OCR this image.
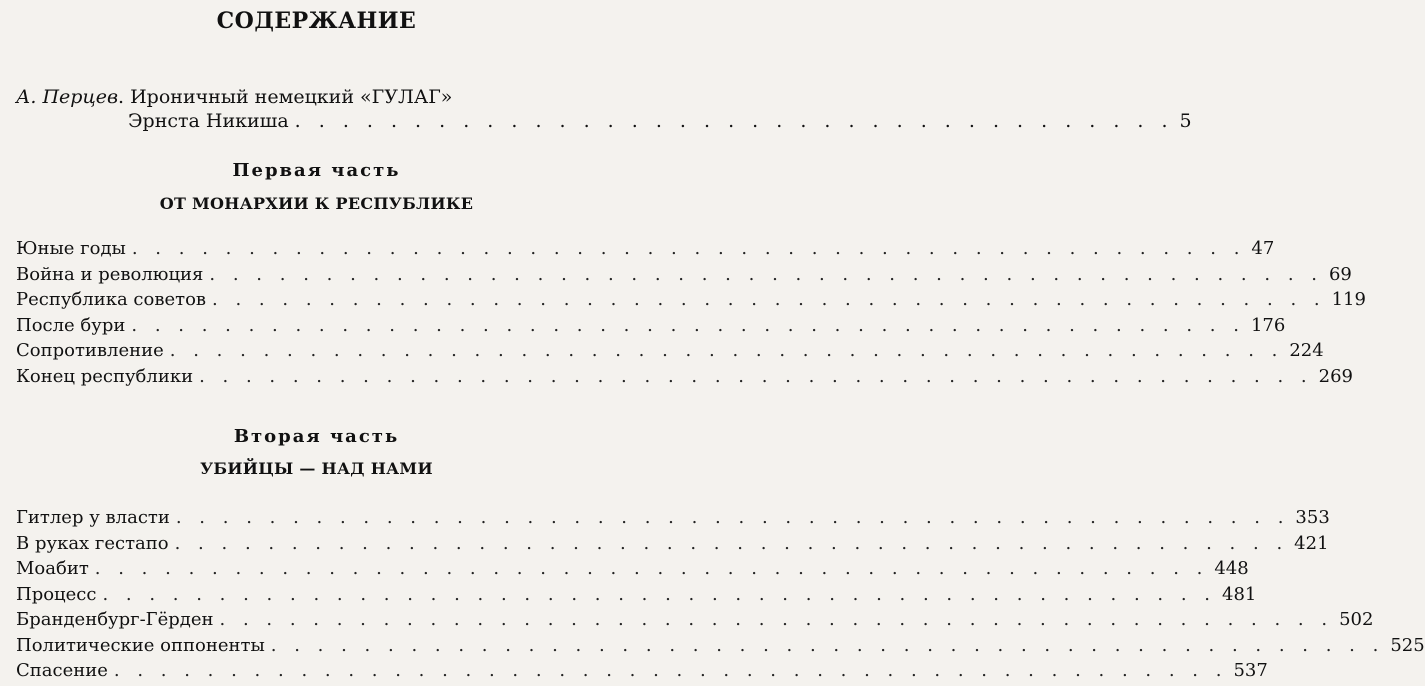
СОДЕРЖАНИЕ
А. Перцев. Ироничный немецкий «ГУЛАГ»
Эрнста Никиша . . . . . . . . . . . . . . . . . . . . . . . . . . . . . . . . . . . . . 5
Первая часть
ОТ МОНАРХИИ К РЕСПУБЛИКЕ
Юные годы . . . . . . . . . . . . . . . . . . . . . . . . . . . . . . . . . . . . . . . . . . . . . . . . 47
Война и революция . . . . . . . . . . . . . . . . . . . . . . . . . . . . . . . . . . . . . . . . . . . . . . . . 69
Республика советов . . . . . . . . . . . . . . . . . . . . . . . . . . . . . . . . . . . . . . . . . . . . . . . . 119
После бури . . . . . . . . . . . . . . . . . . . . . . . . . . . . . . . . . . . . . . . . . . . . . . . . 176
Сопротивление . . . . . . . . . . . . . . . . . . . . . . . . . . . . . . . . . . . . . . . . . . . . . . . . 224
Конец республики . . . . . . . . . . . . . . . . . . . . . . . . . . . . . . . . . . . . . . . . . . . . . . . . 269
Вторая часть
УБИЙЦЫ — НАД НАМИ
Гитлер у власти . . . . . . . . . . . . . . . . . . . . . . . . . . . . . . . . . . . . . . . . . . . . . . . . 353
В руках гестапо . . . . . . . . . . . . . . . . . . . . . . . . . . . . . . . . . . . . . . . . . . . . . . . . 421
Моабит . . . . . . . . . . . . . . . . . . . . . . . . . . . . . . . . . . . . . . . . . . . . . . . . 448
Процесс . . . . . . . . . . . . . . . . . . . . . . . . . . . . . . . . . . . . . . . . . . . . . . . . 481
Бранденбург-Гёрден . . . . . . . . . . . . . . . . . . . . . . . . . . . . . . . . . . . . . . . . . . . . . . . . 502
Политические оппоненты . . . . . . . . . . . . . . . . . . . . . . . . . . . . . . . . . . . . . . . . . . . . . . . . 525
Спасение . . . . . . . . . . . . . . . . . . . . . . . . . . . . . . . . . . . . . . . . . . . . . . . . 537
